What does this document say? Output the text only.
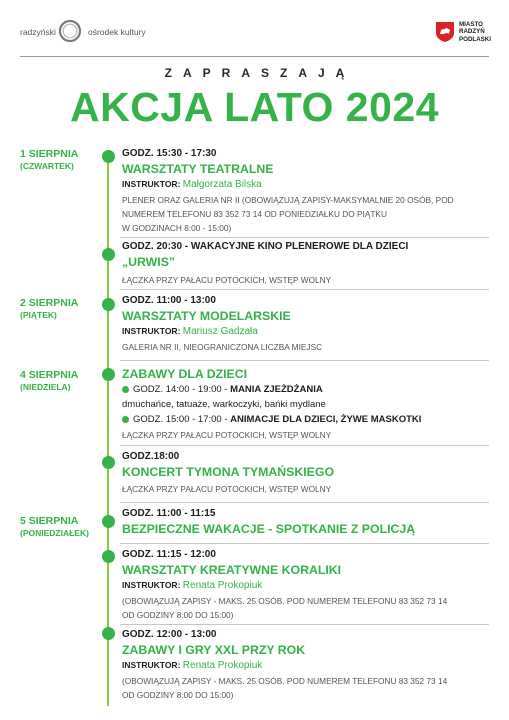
radzyński	ośrodek kultury
MIASTO
RADZYŃ
PODLASKI
ZAPRASZAJĄ
AKCJA LATO 2024
1 SIERPNIA
(CZWARTEK)
2 SIERPNIA
(PIĄTEK)
4 SIERPNIA
(NIEDZIELA)
5 SIERPNIA
(PONIEDZIAŁEK)
GODZ. 15:30 - 17:30
WARSZTATY TEATRALNE
INSTRUKTOR: Małgorzata Bilska
PLENER ORAZ GALERIA NR II (OBOWIĄZUJĄ ZAPISY-MAKSYMALNIE 20 OSÓB, POD
NUMEREM TELEFONU 83 352 73 14 OD PONIEDZIAŁKU DO PIĄTKU
W GODZINACH 8:00 - 15:00)
GODZ. 20:30 - WAKACYJNE KINO PLENEROWE DLA DZIECI
„URWIS”
ŁĄCZKA PRZY PAŁACU POTOCKICH, WSTĘP WOLNY
GODZ. 11:00 - 13:00
WARSZTATY MODELARSKIE
INSTRUKTOR: Mariusz Gadzała
GALERIA NR II, NIEOGRANICZONA LICZBA MIEJSC
ZABAWY DLA DZIECI
GODZ. 14:00 - 19:00 - MANIA ZJEŻDŻANIA
dmuchańce, tatuaże, warkoczyki, bańki mydlane
GODZ. 15:00 - 17:00 - ANIMACJE DLA DZIECI, ŻYWE MASKOTKI
ŁĄCZKA PRZY PAŁACU POTOCKICH, WSTĘP WOLNY
GODZ.18:00
KONCERT TYMONA TYMAŃSKIEGO
ŁĄCZKA PRZY PAŁACU POTOCKICH, WSTĘP WOLNY
GODZ. 11:00 - 11:15
BEZPIECZNE WAKACJE - SPOTKANIE Z POLICJĄ
GODZ. 11:15 - 12:00
WARSZTATY KREATYWNE KORALIKI
INSTRUKTOR: Renata Prokopiuk
(OBOWIĄZUJĄ ZAPISY - MAKS. 25 OSÓB, POD NUMEREM TELEFONU 83 352 73 14
OD GODZINY 8:00 DO 15:00)
GODZ. 12:00 - 13:00
ZABAWY I GRY XXL PRZY ROK
INSTRUKTOR: Renata Prokopiuk
(OBOWIĄZUJĄ ZAPISY - MAKS. 25 OSÓB, POD NUMEREM TELEFONU 83 352 73 14
OD GODZINY 8:00 DO 15:00)
